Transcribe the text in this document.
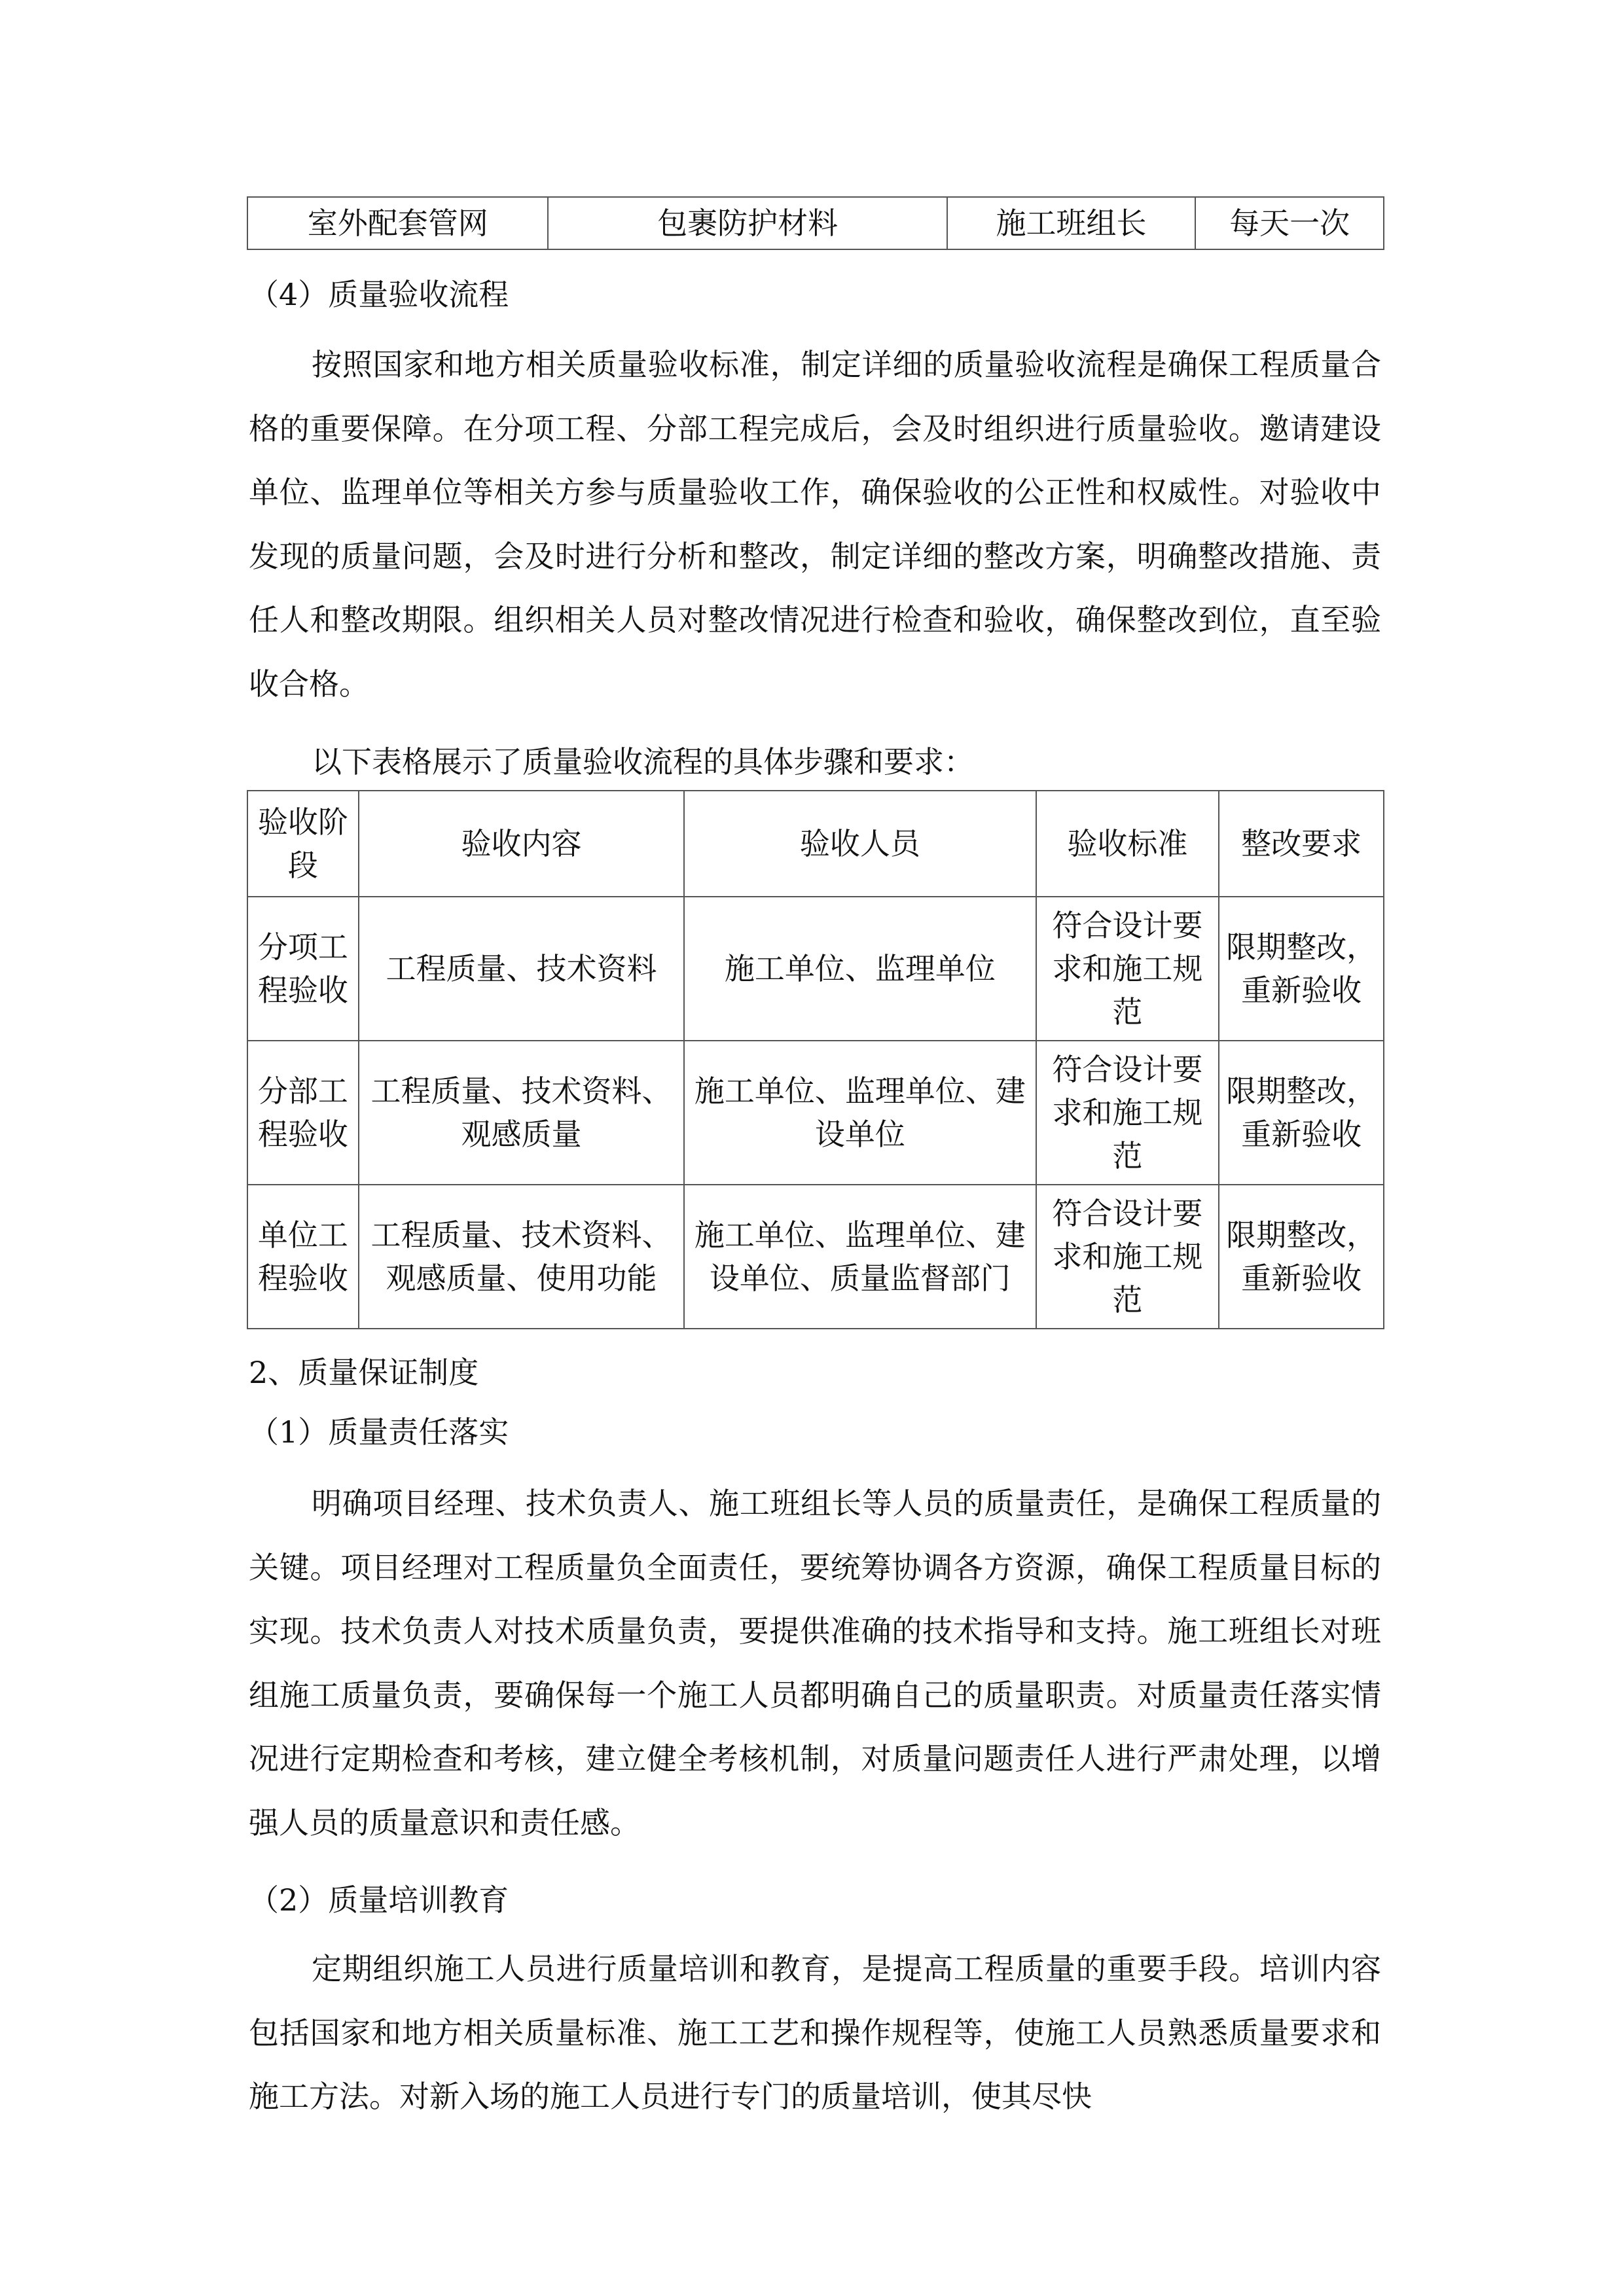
室外配套管网	包裹防护材料	施工班组长	每天一次
（4）质量验收流程

按照国家和地方相关质量验收标准，制定详细的质量验收流程是确保工程质量合格的重要保障。在分项工程、分部工程完成后，会及时组织进行质量验收。邀请建设单位、监理单位等相关方参与质量验收工作，确保验收的公正性和权威性。对验收中发现的质量问题，会及时进行分析和整改，制定详细的整改方案，明确整改措施、责任人和整改期限。组织相关人员对整改情况进行检查和验收，确保整改到位，直至验收合格。

以下表格展示了质量验收流程的具体步骤和要求：

验收阶段	验收内容	验收人员	验收标准	整改要求
分项工程验收	工程质量、技术资料	施工单位、监理单位	符合设计要求和施工规范	限期整改，重新验收
分部工程验收	工程质量、技术资料、观感质量	施工单位、监理单位、建设单位	符合设计要求和施工规范	限期整改，重新验收
单位工程验收	工程质量、技术资料、观感质量、使用功能	施工单位、监理单位、建设单位、质量监督部门	符合设计要求和施工规范	限期整改，重新验收
2、质量保证制度
（1）质量责任落实

明确项目经理、技术负责人、施工班组长等人员的质量责任，是确保工程质量的关键。项目经理对工程质量负全面责任，要统筹协调各方资源，确保工程质量目标的实现。技术负责人对技术质量负责，要提供准确的技术指导和支持。施工班组长对班组施工质量负责，要确保每一个施工人员都明确自己的质量职责。对质量责任落实情况进行定期检查和考核，建立健全考核机制，对质量问题责任人进行严肃处理，以增强人员的质量意识和责任感。

（2）质量培训教育

定期组织施工人员进行质量培训和教育，是提高工程质量的重要手段。培训内容包括国家和地方相关质量标准、施工工艺和操作规程等，使施工人员熟悉质量要求和施工方法。对新入场的施工人员进行专门的质量培训，使其尽快
